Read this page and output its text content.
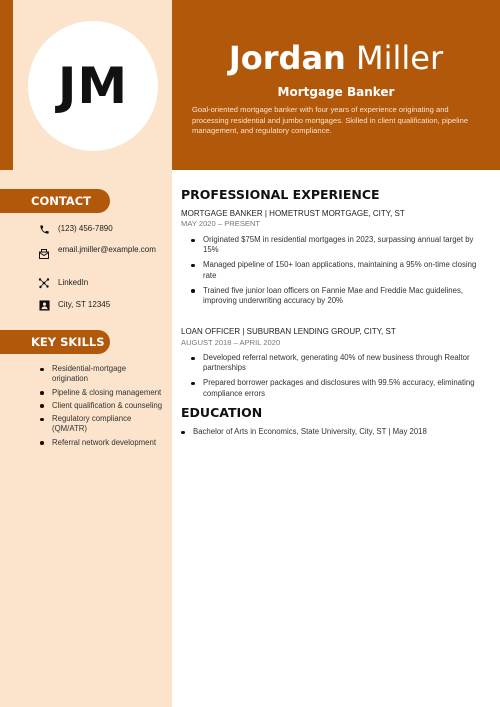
JM	Jordan Miller
Mortgage Banker
Goal-oriented mortgage banker with four years of experience originating and processing residential and jumbo mortgages. Skilled in client qualification, pipeline management, and regulatory compliance.
CONTACT
(123) 456-7890
email.jmiller@example.com
LinkedIn
City, ST 12345
KEY SKILLS
Residential-mortgage origination
Pipeline & closing management
Client qualification & counseling
Regulatory compliance (QM/ATR)
Referral network development
PROFESSIONAL EXPERIENCE
MORTGAGE BANKER | HOMETRUST MORTGAGE, CITY, ST
MAY 2020 – PRESENT
Originated $75M in residential mortgages in 2023, surpassing annual target by 15%
Managed pipeline of 150+ loan applications, maintaining a 95% on-time closing rate
Trained five junior loan officers on Fannie Mae and Freddie Mac guidelines, improving underwriting accuracy by 20%
LOAN OFFICER | SUBURBAN LENDING GROUP, CITY, ST
AUGUST 2018 – APRIL 2020
Developed referral network, generating 40% of new business through Realtor partnerships
Prepared borrower packages and disclosures with 99.5% accuracy, eliminating compliance errors
EDUCATION
Bachelor of Arts in Economics, State University, City, ST | May 2018
